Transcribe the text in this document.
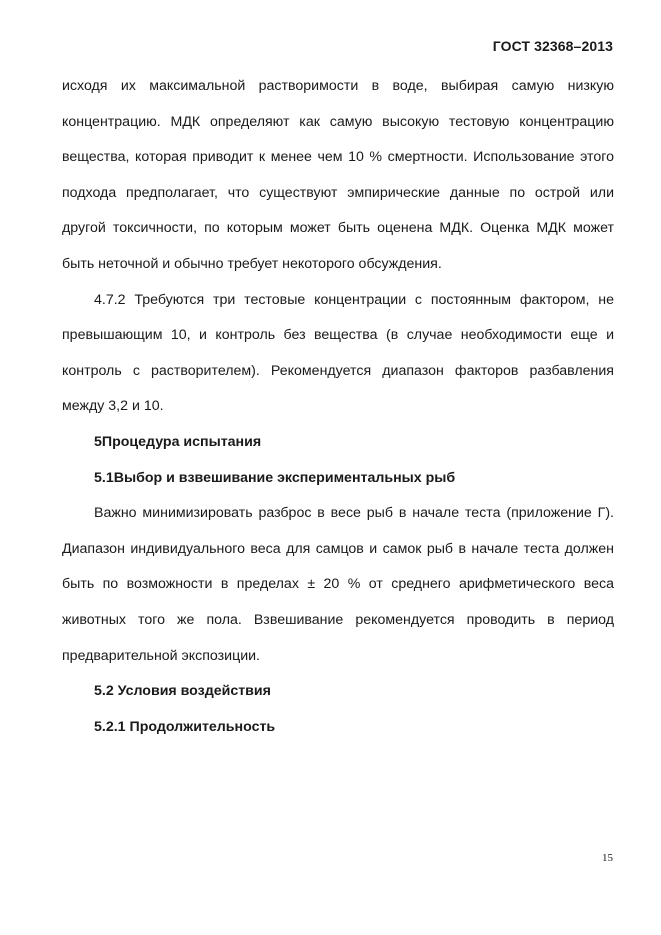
ГОСТ 32368–2013

исходя их максимальной растворимости в воде, выбирая самую низкую концентрацию. МДК определяют как самую высокую тестовую концентрацию вещества, которая приводит к менее чем 10 % смертности. Использование этого подхода предполагает, что существуют эмпирические данные по острой или другой токсичности, по которым может быть оценена МДК. Оценка МДК может быть неточной и обычно требует некоторого обсуждения.

4.7.2 Требуются три тестовые концентрации с постоянным фактором, не превышающим 10, и контроль без вещества (в случае необходимости еще и контроль с растворителем). Рекомендуется диапазон факторов разбавления между 3,2 и 10.

5Процедура испытания

5.1Выбор и взвешивание экспериментальных рыб

Важно минимизировать разброс в весе рыб в начале теста (приложение Г). Диапазон индивидуального веса для самцов и самок рыб в начале теста должен быть по возможности в пределах ± 20 % от среднего арифметического веса животных того же пола. Взвешивание рекомендуется проводить в период предварительной экспозиции.

5.2 Условия воздействия

5.2.1 Продолжительность

15
